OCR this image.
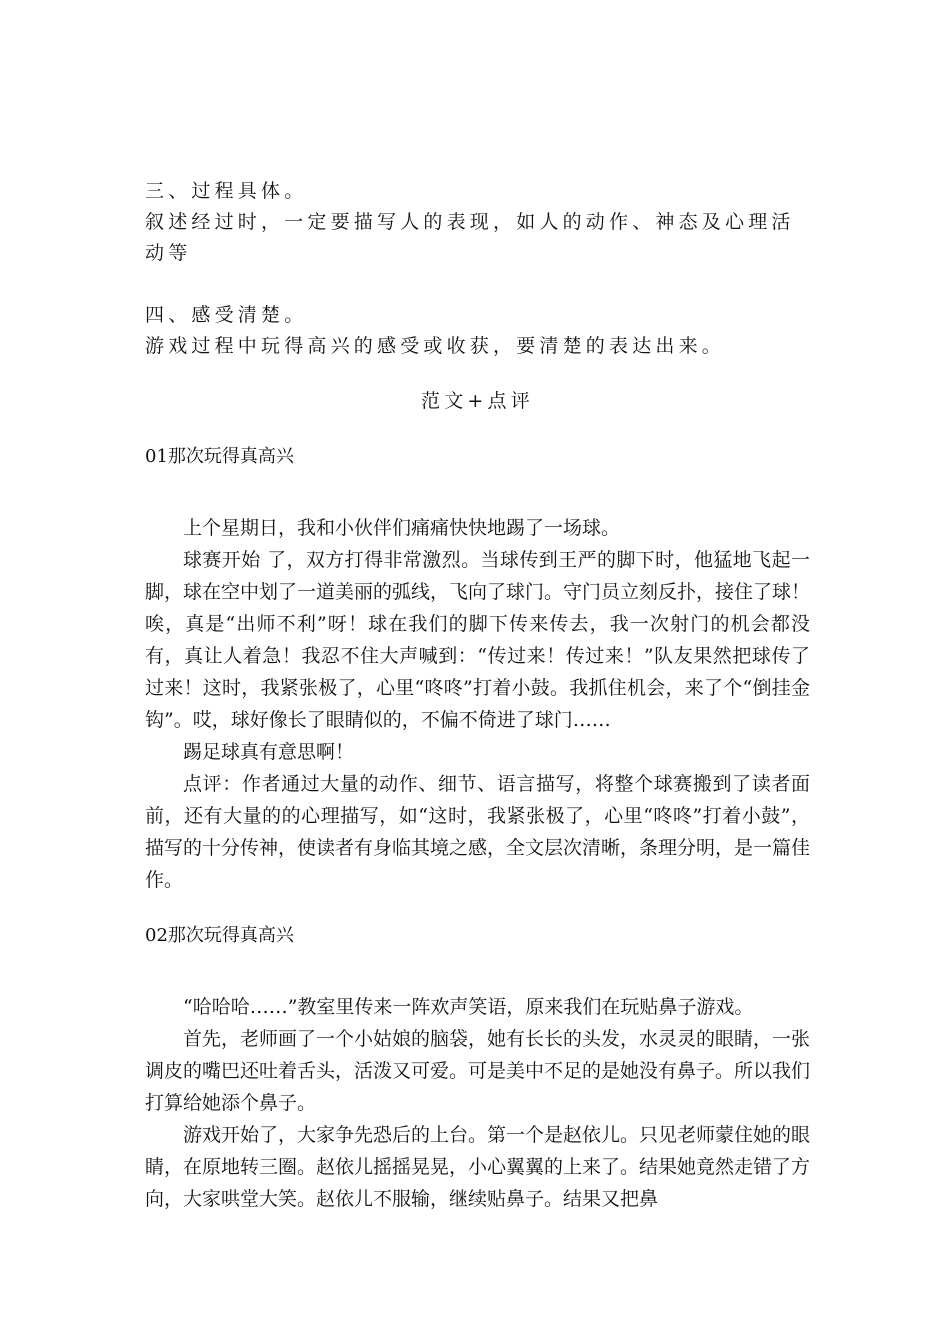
三、过程具体。

叙述经过时，一定要描写人的表现，如人的动作、神态及心理活动等

四、感受清楚。

游戏过程中玩得高兴的感受或收获，要清楚的表达出来。

范文+点评

01那次玩得真高兴

上个星期日，我和小伙伴们痛痛快快地踢了一场球。

球赛开始 了，双方打得非常激烈。当球传到王严的脚下时，他猛地飞起一脚，球在空中划了一道美丽的弧线，飞向了球门。守门员立刻反扑，接住了球！唉，真是“出师不利”呀！球在我们的脚下传来传去，我一次射门的机会都没有，真让人着急！我忍不住大声喊到：“传过来！传过来！”队友果然把球传了过来！这时，我紧张极了，心里“咚咚”打着小鼓。我抓住机会，来了个“倒挂金钩”。哎，球好像长了眼睛似的，不偏不倚进了球门……

踢足球真有意思啊！

点评：作者通过大量的动作、细节、语言描写，将整个球赛搬到了读者面前，还有大量的的心理描写，如“这时，我紧张极了，心里“咚咚”打着小鼓”，描写的十分传神，使读者有身临其境之感，全文层次清晰，条理分明，是一篇佳作。

02那次玩得真高兴

“哈哈哈……”教室里传来一阵欢声笑语，原来我们在玩贴鼻子游戏。

首先，老师画了一个小姑娘的脑袋，她有长长的头发，水灵灵的眼睛，一张调皮的嘴巴还吐着舌头，活泼又可爱。可是美中不足的是她没有鼻子。所以我们打算给她添个鼻子。

游戏开始了，大家争先恐后的上台。第一个是赵依儿。只见老师蒙住她的眼睛，在原地转三圈。赵依儿摇摇晃晃，小心翼翼的上来了。结果她竟然走错了方向，大家哄堂大笑。赵依儿不服输，继续贴鼻子。结果又把鼻
